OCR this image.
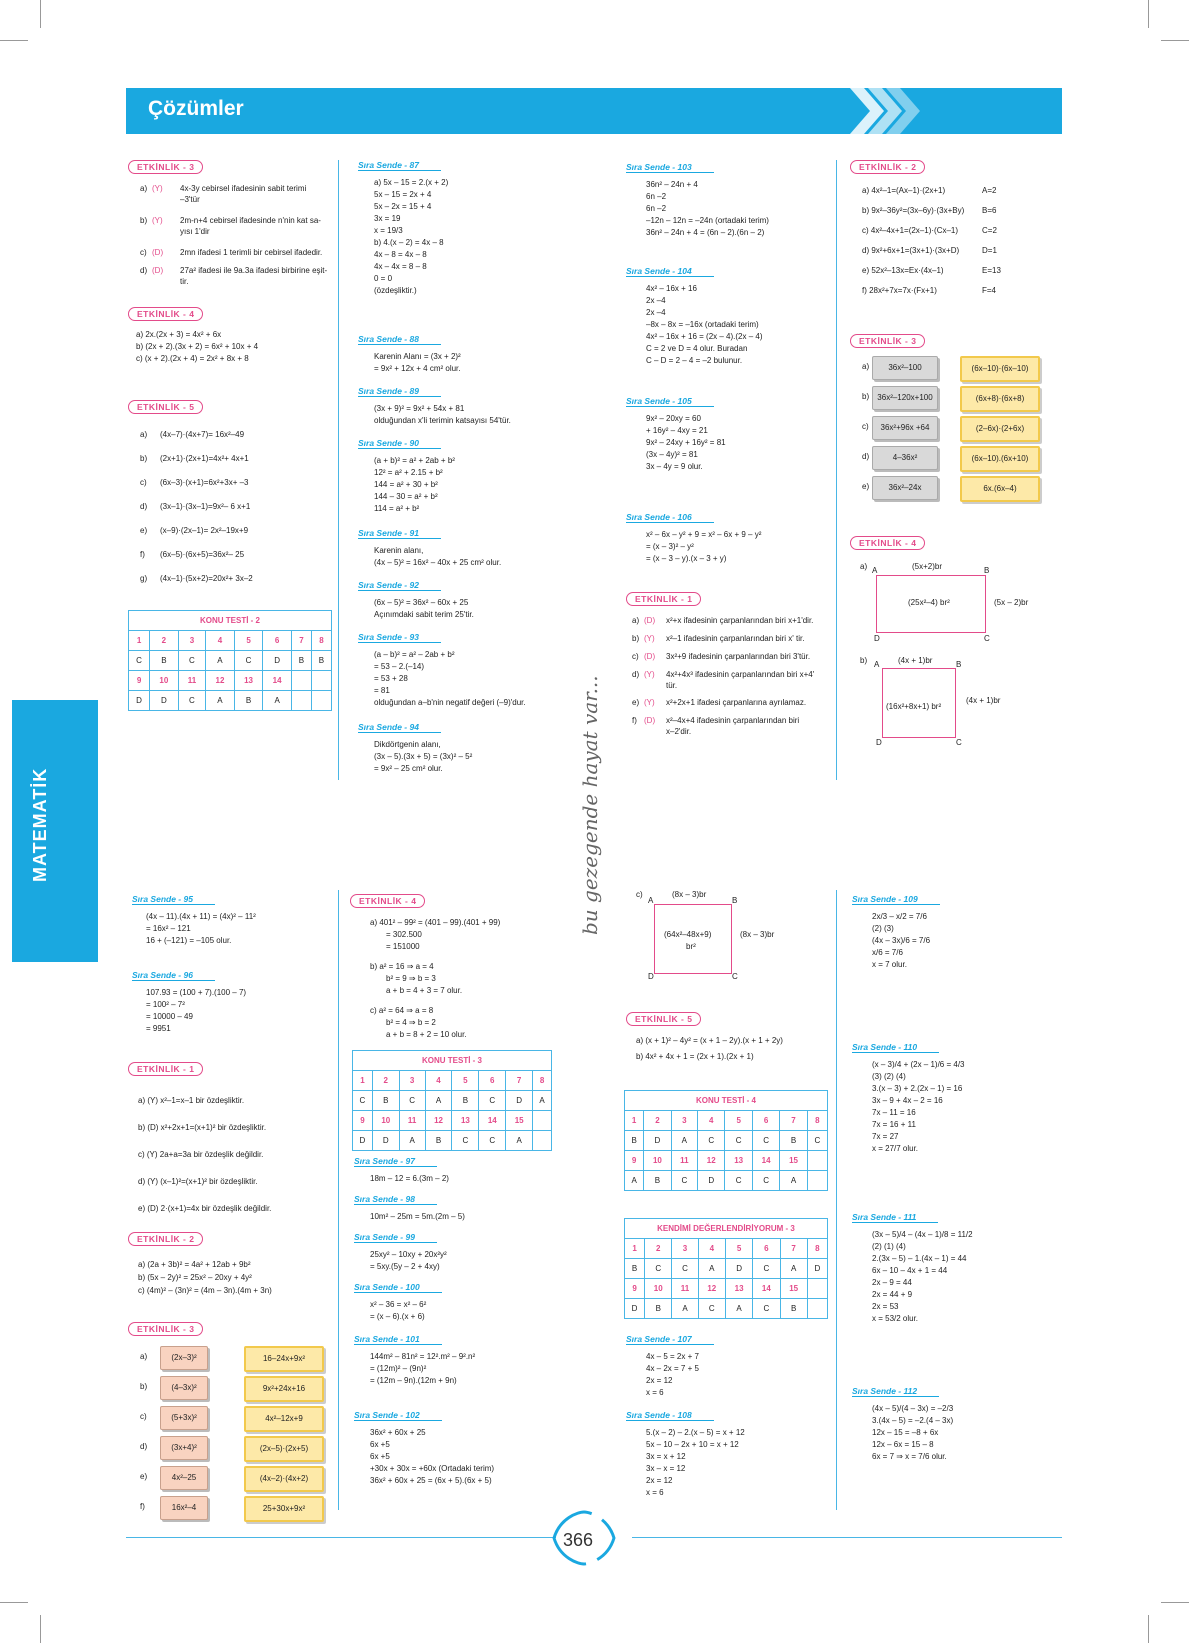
Çözümler
MATEMATİK	bu gezegende hayat var...
ETKİNLİK - 3
a) (Y) 4x-3y cebirsel ifadesinin sabit terimi
–3'tür
b) (Y) 2m-n+4 cebirsel ifadesinde n'nin kat sa-
yısı 1'dir
c) (D) 2mn ifadesi 1 terimli bir cebirsel ifadedir.
d) (D) 27a² ifadesi ile 9a.3a ifadesi birbirine eşit-
tir.
ETKİNLİK - 4
a) 2x.(2x + 3) = 4x² + 6x
b) (2x + 2).(3x + 2) = 6x² + 10x + 4
c) (x + 2).(2x + 4) = 2x² + 8x + 8
ETKİNLİK - 5
a) (4x–7)·(4x+7)= 16x²–49
b) (2x+1)·(2x+1)=4x²+ 4x+1
c) (6x–3)·(x+1)=6x²+3x+ –3
d) (3x–1)·(3x–1)=9x²– 6 x+1
e) (x–9)·(2x–1)= 2x²–19x+9
f) (6x–5)·(6x+5)=36x²– 25
g) (4x–1)·(5x+2)=20x²+ 3x–2
KONU TESTİ - 2							
1	2	3	4	5	6	7	8
C	B	C	A	C	D	B	B
9	10	11	12	13	14		
D	D	C	A	B	A		
Sıra Sende - 87
a) 5x – 15 = 2.(x + 2)
5x – 15 = 2x + 4
5x – 2x = 15 + 4
3x = 19
x = 19/3
b) 4.(x – 2) = 4x – 8
4x – 8 = 4x – 8
4x – 4x = 8 – 8
0 = 0
(özdeşliktir.)
Sıra Sende - 88
Karenin Alanı = (3x + 2)²
= 9x² + 12x + 4 cm² olur.
Sıra Sende - 89
(3x + 9)² = 9x² + 54x + 81
olduğundan x'li terimin katsayısı 54'tür.
Sıra Sende - 90
(a + b)² = a² + 2ab + b²
12² = a² + 2.15 + b²
144 = a² + 30 + b²
144 – 30 = a² + b²
114 = a² + b²
Sıra Sende - 91
Karenin alanı,
(4x – 5)² = 16x² – 40x + 25 cm² olur.
Sıra Sende - 92
(6x – 5)² = 36x² – 60x + 25
Açınımdaki sabit terim 25'tir.
Sıra Sende - 93
(a – b)² = a² – 2ab + b²
= 53 – 2.(–14)
= 53 + 28
= 81
olduğundan a–b'nin negatif değeri (–9)'dur.
Sıra Sende - 94
Dikdörtgenin alanı,
(3x – 5).(3x + 5) = (3x)² – 5²
= 9x² – 25 cm² olur.
Sıra Sende - 103
36n² – 24n + 4
6n –2
6n –2
–12n – 12n = –24n (ortadaki terim)
36n² – 24n + 4 = (6n – 2).(6n – 2)
Sıra Sende - 104
4x² – 16x + 16
2x –4
2x –4
–8x – 8x = –16x (ortadaki terim)
4x² – 16x + 16 = (2x – 4).(2x – 4)
C = 2 ve D = 4 olur. Buradan
C – D = 2 – 4 = –2 bulunur.
Sıra Sende - 105
9x² – 20xy = 60
+ 16y² – 4xy = 21
9x² – 24xy + 16y² = 81
(3x – 4y)² = 81
3x – 4y = 9 olur.
Sıra Sende - 106
x² – 6x – y² + 9 = x² – 6x + 9 – y²
= (x – 3)² – y²
= (x – 3 – y).(x – 3 + y)
ETKİNLİK - 1
a) (D) x²+x ifadesinin çarpanlarından biri x+1'dir.
b) (Y) x²–1 ifadesinin çarpanlarından biri x' tir.
c) (D) 3x²+9 ifadesinin çarpanlarından biri 3'tür.
d) (Y) 4x²+4x³ ifadesinin çarpanlarından biri x+4'
tür.
e) (Y) x²+2x+1 ifadesi çarpanlarına ayrılamaz.
f) (D) x²–4x+4 ifadesinin çarpanlarından biri
x–2'dir.
ETKİNLİK - 2
a) 4x²–1=(Ax–1)·(2x+1)	A=2
b) 9x²–36y²=(3x–6y)·(3x+By) B=6
c) 4x²–4x+1=(2x–1)·(Cx–1)	C=2
d) 9x²+6x+1=(3x+1)·(3x+D)	D=1
e) 52x²–13x=Ex·(4x–1)	E=13
f) 28x²+7x=7x·(Fx+1)	F=4
ETKİNLİK - 3
a)	36x²–100	(6x–10)·(6x–10)
b)	36x²–120x+100	(6x+8)·(6x+8)
c)	36x²+96x +64	(2–6x)·(2+6x)
d)	4–36x²	(6x–10).(6x+10)
e)	36x²–24x	6x.(6x–4)
ETKİNLİK - 4
a) A	B
D	C
(5x+2)br
(5x – 2)br
(25x²–4) br²
b) A	B
D	C
(4x + 1)br
(4x + 1)br
(16x²+8x+1) br²
Sıra Sende - 95
(4x – 11).(4x + 11) = (4x)² – 11²
= 16x² – 121
16 + (–121) = –105 olur.
Sıra Sende - 96
107.93 = (100 + 7).(100 – 7)
= 100² – 7²
= 10000 – 49
= 9951
ETKİNLİK - 1
a) (Y) x²–1=x–1 bir özdeşliktir.
b) (D) x²+2x+1=(x+1)² bir özdeşliktir.
c) (Y) 2a+a=3a bir özdeşlik değildir.
d) (Y) (x–1)²=(x+1)² bir özdeşliktir.
e) (D) 2·(x+1)=4x bir özdeşlik değildir.
ETKİNLİK - 2
a) (2a + 3b)² = 4a² + 12ab + 9b²
b) (5x – 2y)² = 25x² – 20xy + 4y²
c) (4m)² – (3n)² = (4m – 3n).(4m + 3n)
ETKİNLİK - 3
a)	(2x–3)²	16–24x+9x²
b)	(4–3x)²	9x²+24x+16
c)	(5+3x)²	4x²–12x+9
d)	(3x+4)²	(2x–5)·(2x+5)
e)	4x²–25	(4x–2)·(4x+2)
f)	16x²–4	25+30x+9x²
ETKİNLİK - 4
a) 401² – 99² = (401 – 99).(401 + 99)
= 302.500
= 151000
b) a² = 16 ⇒ a = 4
b² = 9 ⇒ b = 3
a + b = 4 + 3 = 7 olur.
c) a² = 64 ⇒ a = 8
b² = 4 ⇒ b = 2
a + b = 8 + 2 = 10 olur.
Sıra Sende - 97
18m – 12 = 6.(3m – 2)
Sıra Sende - 98
10m² – 25m = 5m.(2m – 5)
Sıra Sende - 99
25xy² – 10xy + 20x²y²
= 5xy.(5y – 2 + 4xy)
Sıra Sende - 100
x² – 36 = x² – 6²
= (x – 6).(x + 6)
Sıra Sende - 101
144m² – 81n² = 12².m² – 9².n²
= (12m)² – (9n)²
= (12m – 9n).(12m + 9n)
Sıra Sende - 102
36x² + 60x + 25
6x +5
6x +5
+30x + 30x = +60x (Ortadaki terim)
36x² + 60x + 25 = (6x + 5).(6x + 5)
KONU TESTİ - 3							
1	2	3	4	5	6	7	8
C	B	C	A	B	C	D	A
9	10	11	12	13	14	15	
D	D	A	B	C	C	A	
c)
A	B
D	C
(8x – 3)br
(8x – 3)br
(64x²–48x+9)
br²
ETKİNLİK - 5
a) (x + 1)² – 4y² = (x + 1 – 2y).(x + 1 + 2y)
b) 4x² + 4x + 1 = (2x + 1).(2x + 1)
Sıra Sende - 107
4x – 5 = 2x + 7
4x – 2x = 7 + 5
2x = 12
x = 6
Sıra Sende - 108
5.(x – 2) – 2.(x – 5) = x + 12
5x – 10 – 2x + 10 = x + 12
3x = x + 12
3x – x = 12
2x = 12
x = 6
KONU TESTİ - 4							
1	2	3	4	5	6	7	8
B	D	A	C	C	C	B	C
9	10	11	12	13	14	15	
A	B	C	D	C	C	A	
KENDİMİ DEĞERLENDİRİYORUM - 3							
1	2	3	4	5	6	7	8
B	C	C	A	D	C	A	D
9	10	11	12	13	14	15	
D	B	A	C	A	C	B	
Sıra Sende - 109
2x/3 – x/2 = 7/6
(2) (3)
(4x – 3x)/6 = 7/6
x/6 = 7/6
x = 7 olur.
Sıra Sende - 110
(x – 3)/4 + (2x – 1)/6 = 4/3
(3) (2) (4)
3.(x – 3) + 2.(2x – 1) = 16
3x – 9 + 4x – 2 = 16
7x – 11 = 16
7x = 16 + 11
7x = 27
x = 27/7 olur.
Sıra Sende - 111
(3x – 5)/4 – (4x – 1)/8 = 11/2
(2) (1) (4)
2.(3x – 5) – 1.(4x – 1) = 44
6x – 10 – 4x + 1 = 44
2x – 9 = 44
2x = 44 + 9
2x = 53
x = 53/2 olur.
Sıra Sende - 112
(4x – 5)/(4 – 3x) = –2/3
3.(4x – 5) = –2.(4 – 3x)
12x – 15 = –8 + 6x
12x – 6x = 15 – 8
6x = 7 ⇒ x = 7/6 olur.
366
